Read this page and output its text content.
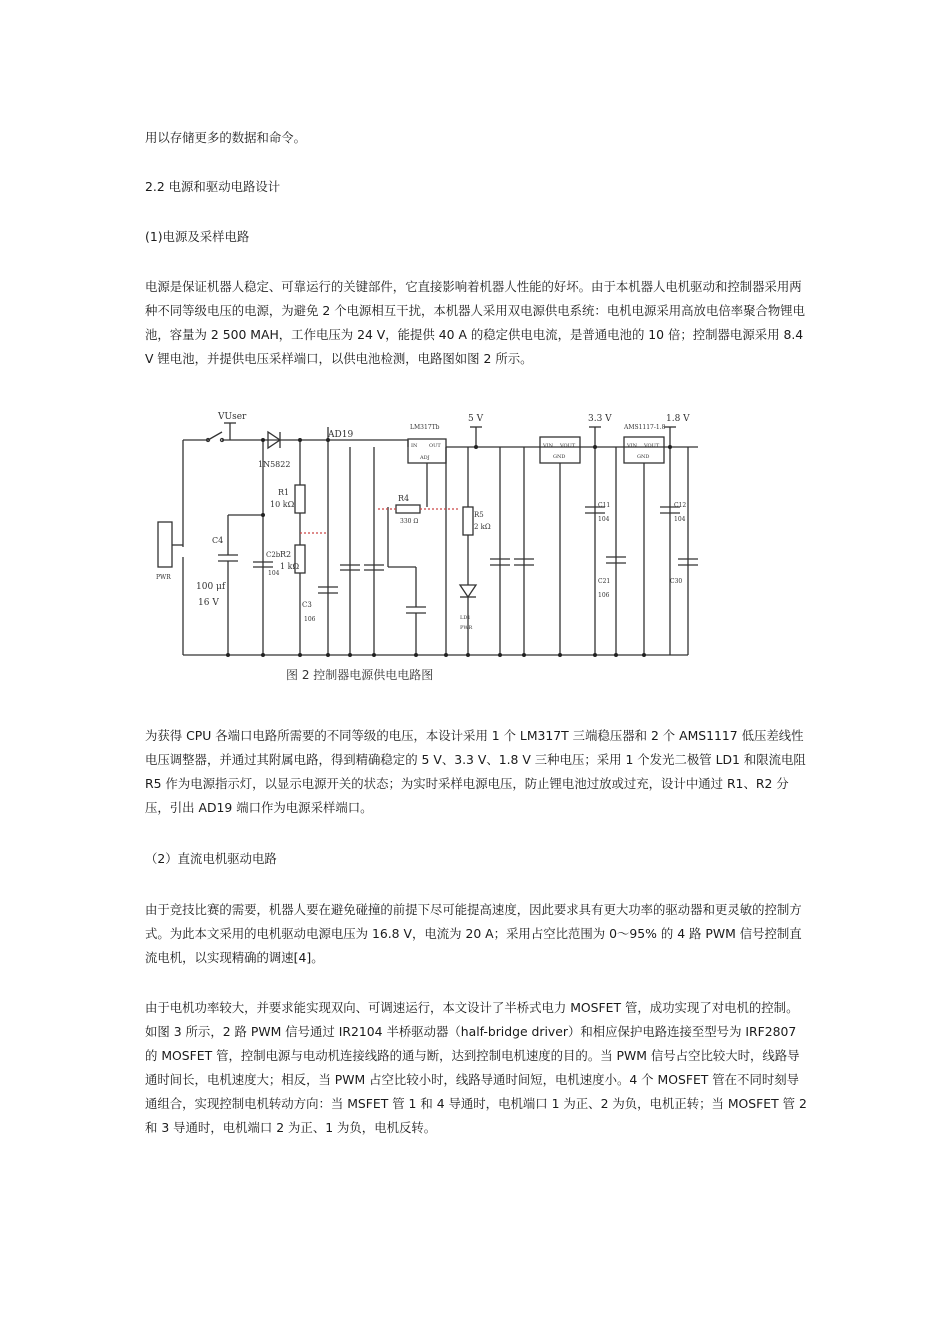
用以存储更多的数据和命令。

2.2 电源和驱动电路设计

(1)电源及采样电路

电源是保证机器人稳定、可靠运行的关键部件，它直接影响着机器人性能的好坏。由于本机器人电机驱动和控制器采用两种不同等级电压的电源，为避免 2 个电源相互干扰，本机器人采用双电源供电系统：电机电源采用高放电倍率聚合物锂电池，容量为 2 500 MAH，工作电压为 24 V，能提供 40 A 的稳定供电电流，是普通电池的 10 倍；控制器电源采用 8.4 V 锂电池，并提供电压采样端口，以供电池检测，电路图如图 2 所示。

VUser
AD19
LM317Tb
5 V	3.3 V
AMS1117-1.8
1.8 V
1N5822
R1
10 kΩ
R2
1 kΩ
R4
330 Ω
R5
2 kΩ
C4
100 μf
16 V
C2b
104
C3
106
C11
104
C12
104
C21
106
C30
PWR
LD1
PWR
IN OUT
ADJ
VIN VOUT
GND
VIN VOUT
GND
图 2 控制器电源供电电路图

为获得 CPU 各端口电路所需要的不同等级的电压，本设计采用 1 个 LM317T 三端稳压器和 2 个 AMS1117 低压差线性电压调整器，并通过其附属电路，得到精确稳定的 5 V、3.3 V、1.8 V 三种电压；采用 1 个发光二极管 LD1 和限流电阻 R5 作为电源指示灯，以显示电源开关的状态；为实时采样电源电压，防止锂电池过放或过充，设计中通过 R1、R2 分压，引出 AD19 端口作为电源采样端口。

（2）直流电机驱动电路

由于竞技比赛的需要，机器人要在避免碰撞的前提下尽可能提高速度，因此要求具有更大功率的驱动器和更灵敏的控制方式。为此本文采用的电机驱动电源电压为 16.8 V，电流为 20 A；采用占空比范围为 0～95% 的 4 路 PWM 信号控制直流电机，以实现精确的调速[4]。

由于电机功率较大，并要求能实现双向、可调速运行，本文设计了半桥式电力 MOSFET 管，成功实现了对电机的控制。如图 3 所示，2 路 PWM 信号通过 IR2104 半桥驱动器（half-bridge driver）和相应保护电路连接至型号为 IRF2807 的 MOSFET 管，控制电源与电动机连接线路的通与断，达到控制电机速度的目的。当 PWM 信号占空比较大时，线路导通时间长，电机速度大；相反，当 PWM 占空比较小时，线路导通时间短，电机速度小。4 个 MOSFET 管在不同时刻导通组合，实现控制电机转动方向：当 MSFET 管 1 和 4 导通时，电机端口 1 为正、2 为负，电机正转；当 MOSFET 管 2 和 3 导通时，电机端口 2 为正、1 为负，电机反转。
